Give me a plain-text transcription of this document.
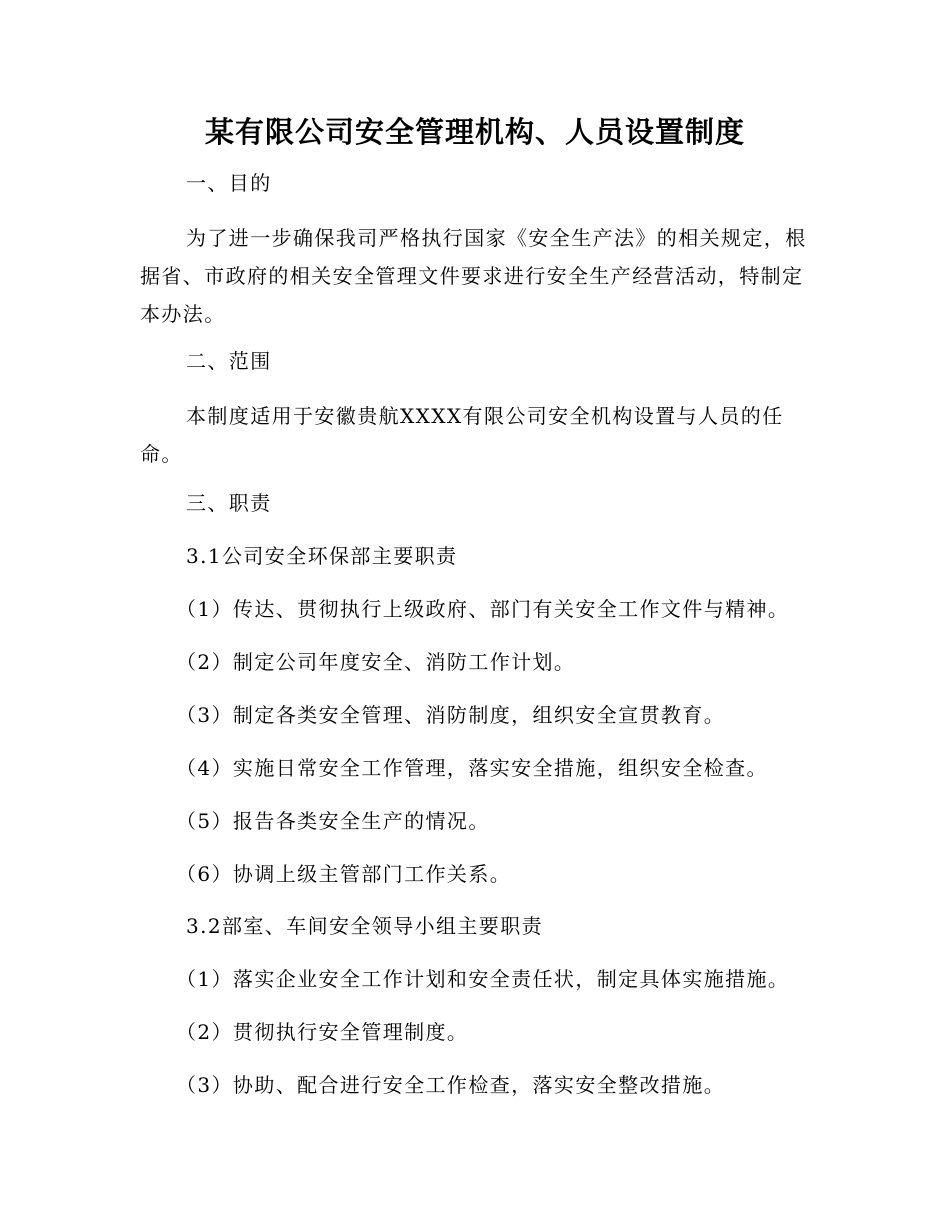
某有限公司安全管理机构、人员设置制度

一、目的

为了进一步确保我司严格执行国家《安全生产法》的相关规定，根据省、市政府的相关安全管理文件要求进行安全生产经营活动，特制定本办法。

二、范围

本制度适用于安徽贵航XXXX有限公司安全机构设置与人员的任命。

三、职责

3.1公司安全环保部主要职责

（1）传达、贯彻执行上级政府、部门有关安全工作文件与精神。

（2）制定公司年度安全、消防工作计划。

（3）制定各类安全管理、消防制度，组织安全宣贯教育。

（4）实施日常安全工作管理，落实安全措施，组织安全检查。

（5）报告各类安全生产的情况。

（6）协调上级主管部门工作关系。

3.2部室、车间安全领导小组主要职责

（1）落实企业安全工作计划和安全责任状，制定具体实施措施。

（2）贯彻执行安全管理制度。

（3）协助、配合进行安全工作检查，落实安全整改措施。
